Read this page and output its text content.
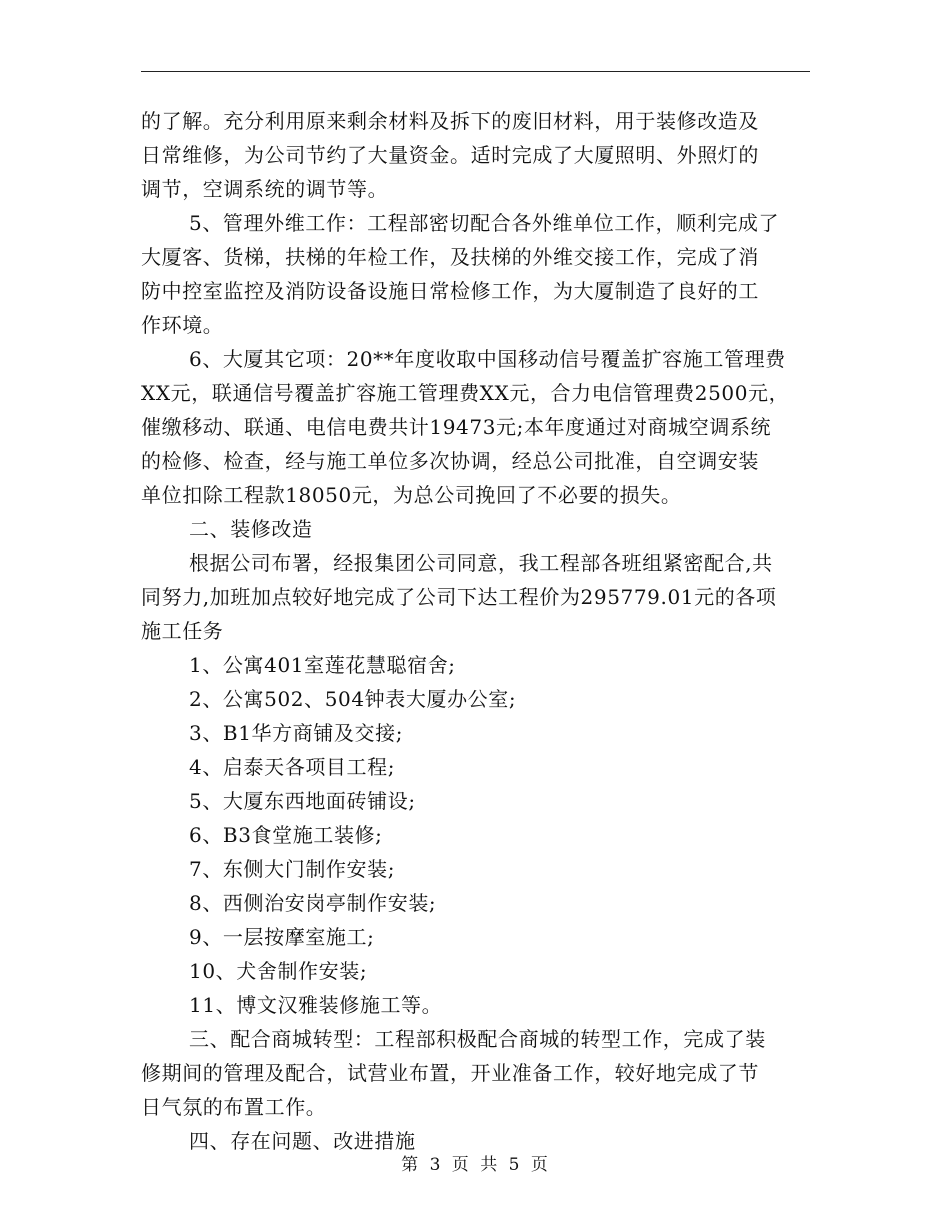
的了解。充分利用原来剩余材料及拆下的废旧材料，用于装修改造及
日常维修，为公司节约了大量资金。适时完成了大厦照明、外照灯的
调节，空调系统的调节等。
5、管理外维工作：工程部密切配合各外维单位工作，顺利完成了
大厦客、货梯，扶梯的年检工作，及扶梯的外维交接工作，完成了消
防中控室监控及消防设备设施日常检修工作，为大厦制造了良好的工
作环境。
6、大厦其它项：20**年度收取中国移动信号覆盖扩容施工管理费
XX元，联通信号覆盖扩容施工管理费XX元，合力电信管理费2500元，
催缴移动、联通、电信电费共计19473元;本年度通过对商城空调系统
的检修、检查，经与施工单位多次协调，经总公司批准，自空调安装
单位扣除工程款18050元，为总公司挽回了不必要的损失。
二、装修改造
根据公司布署，经报集团公司同意，我工程部各班组紧密配合,共
同努力,加班加点较好地完成了公司下达工程价为295779.01元的各项
施工任务
1、公寓401室莲花慧聪宿舍;
2、公寓502、504钟表大厦办公室;
3、B1华方商铺及交接;
4、启泰天各项目工程;
5、大厦东西地面砖铺设;
6、B3食堂施工装修;
7、东侧大门制作安装;
8、西侧治安岗亭制作安装;
9、一层按摩室施工;
10、犬舍制作安装;
11、博文汉雅装修施工等。
三、配合商城转型：工程部积极配合商城的转型工作，完成了装
修期间的管理及配合，试营业布置，开业准备工作，较好地完成了节
日气氛的布置工作。
四、存在问题、改进措施
第 3 页 共 5 页
